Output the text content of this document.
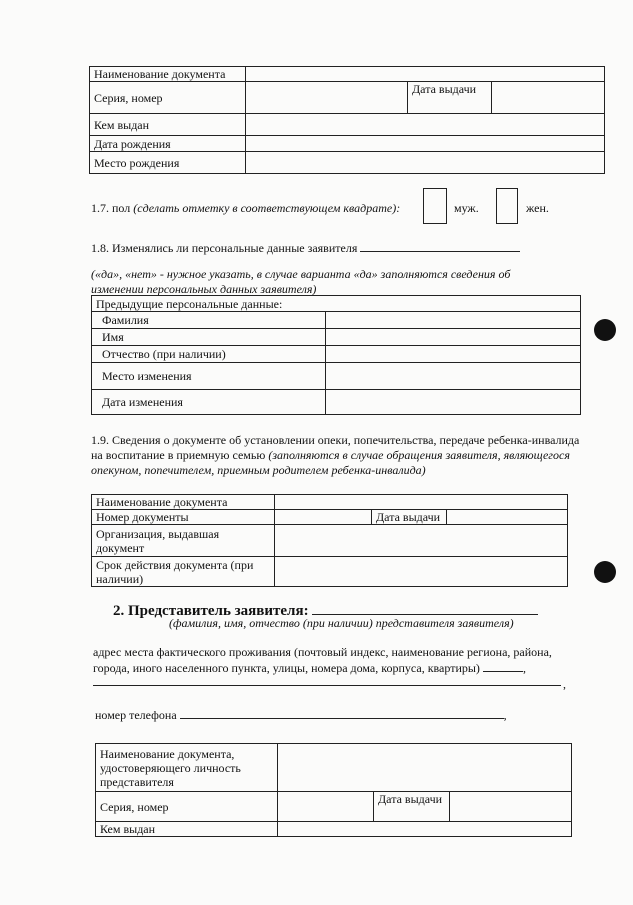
Наименование документа			
Серия, номер		Дата выдачи	
Кем выдан			
Дата рождения			
Место рождения			
1.7. пол (сделать отметку в соответствующем квадрате):	муж.	жен.
1.8. Изменялись ли персональные данные заявителя
(«да», «нет» - нужное указать, в случае варианта «да» заполняются сведения об изменении персональных данных заявителя)
Предыдущие персональные данные:	
Фамилия	
Имя	
Отчество (при наличии)	
Место изменения	
Дата изменения	
1.9. Сведения о документе об установлении опеки, попечительства, передаче ребенка-инвалида на воспитание в приемную семью (заполняются в случае обращения заявителя, являющегося опекуном, попечителем, приемным родителем ребенка-инвалида)
Наименование документа			
Номер документы		Дата выдачи	
Организация, выдавшая документ			
Срок действия документа (при наличии)			
2. Представитель заявителя:
(фамилия, имя, отчество (при наличии) представителя заявителя)
адрес места фактического проживания (почтовый индекс, наименование региона, района, города, иного населенного пункта, улицы, номера дома, корпуса, квартиры)	,
,
номер телефона	,
Наименование документа, удостоверяющего личность представителя			
Серия, номер		Дата выдачи	
Кем выдан			
